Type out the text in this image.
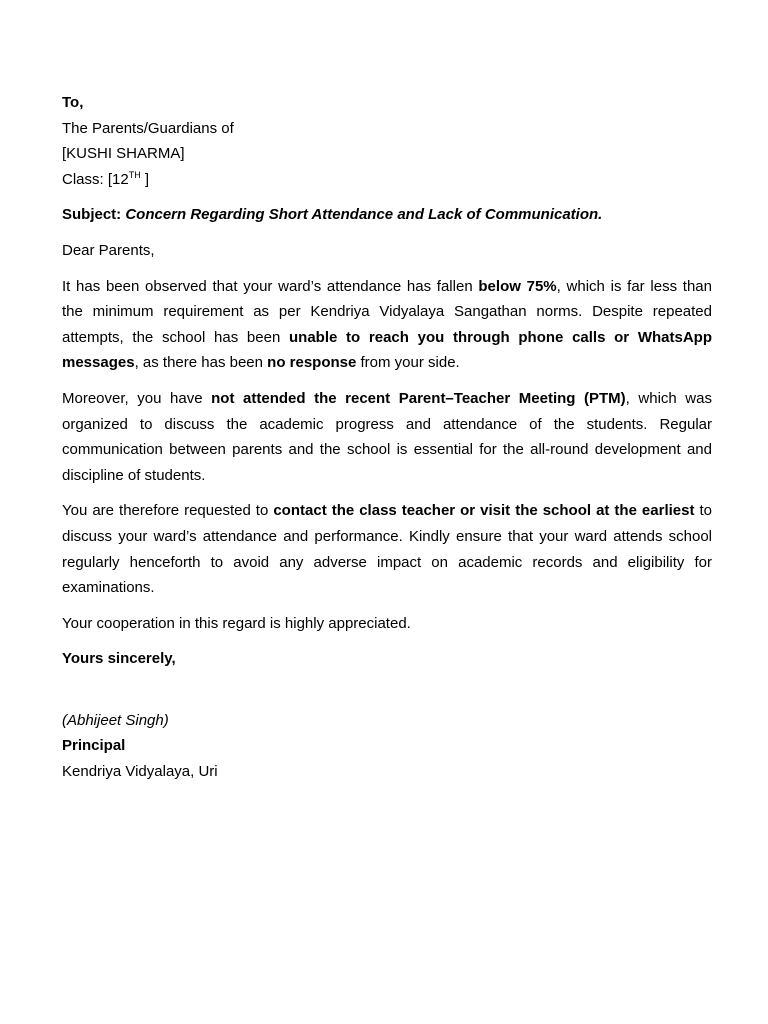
To,

The Parents/Guardians of

[KUSHI SHARMA]

Class: [12TH ]

Subject: Concern Regarding Short Attendance and Lack of Communication.

Dear Parents,

It has been observed that your ward’s attendance has fallen below 75%, which is far less than the minimum requirement as per Kendriya Vidyalaya Sangathan norms. Despite repeated attempts, the school has been unable to reach you through phone calls or WhatsApp messages, as there has been no response from your side.

Moreover, you have not attended the recent Parent–Teacher Meeting (PTM), which was organized to discuss the academic progress and attendance of the students. Regular communication between parents and the school is essential for the all-round development and discipline of students.

You are therefore requested to contact the class teacher or visit the school at the earliest to discuss your ward’s attendance and performance. Kindly ensure that your ward attends school regularly henceforth to avoid any adverse impact on academic records and eligibility for examinations.

Your cooperation in this regard is highly appreciated.

Yours sincerely,

(Abhijeet Singh)

Principal

Kendriya Vidyalaya, Uri
